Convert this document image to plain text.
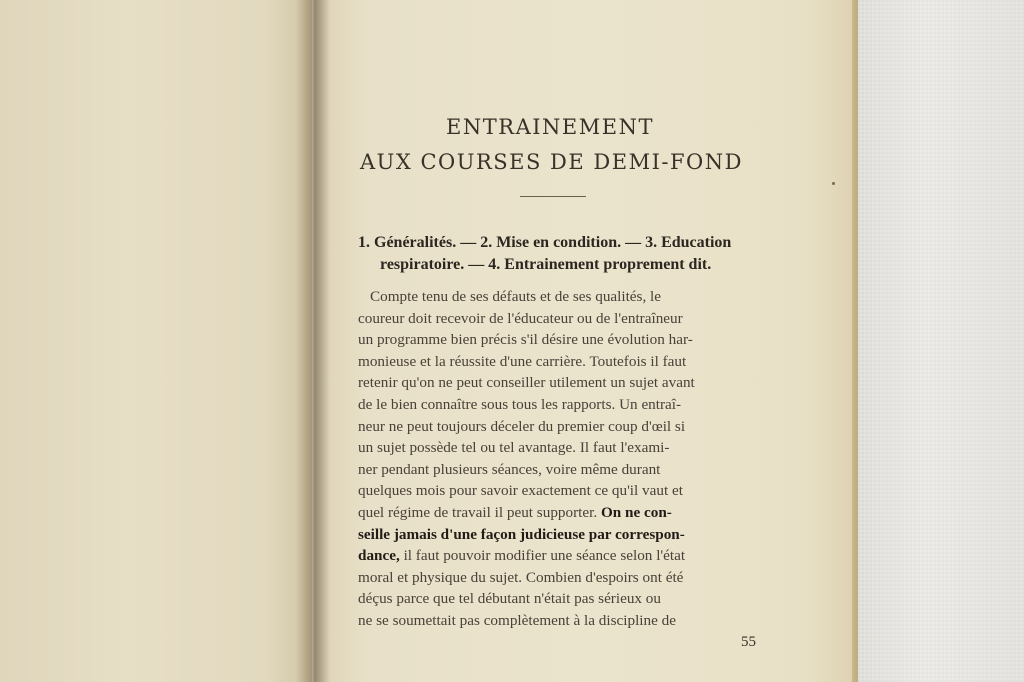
ENTRAINEMENT
AUX COURSES DE DEMI-FOND
1. Généralités. — 2. Mise en condition. — 3. Education
respiratoire. — 4. Entrainement proprement dit.
Compte tenu de ses défauts et de ses qualités, le
coureur doit recevoir de l'éducateur ou de l'entraîneur
un programme bien précis s'il désire une évolution har-
monieuse et la réussite d'une carrière. Toutefois il faut
retenir qu'on ne peut conseiller utilement un sujet avant
de le bien connaître sous tous les rapports. Un entraî-
neur ne peut toujours déceler du premier coup d'œil si
un sujet possède tel ou tel avantage. Il faut l'exami-
ner pendant plusieurs séances, voire même durant
quelques mois pour savoir exactement ce qu'il vaut et
quel régime de travail il peut supporter. On ne con-
seille jamais d'une façon judicieuse par correspon-
dance, il faut pouvoir modifier une séance selon l'état
moral et physique du sujet. Combien d'espoirs ont été
déçus parce que tel débutant n'était pas sérieux ou
ne se soumettait pas complètement à la discipline de
55
